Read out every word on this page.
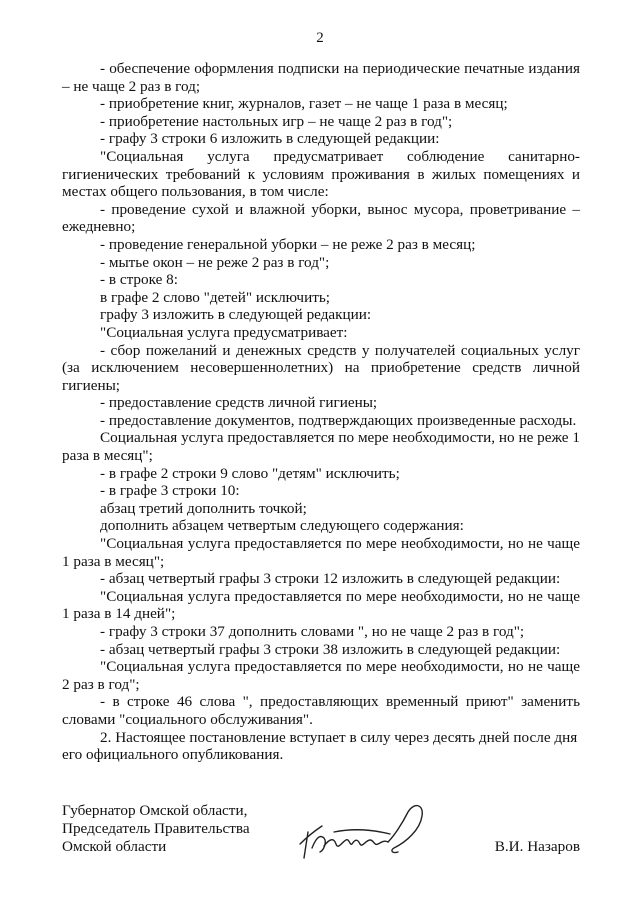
2

- обеспечение оформления подписки на периодические печатные издания – не чаще 2 раз в год;

- приобретение книг, журналов, газет – не чаще 1 раза в месяц;

- приобретение настольных игр – не чаще 2 раз в год";

- графу 3 строки 6 изложить в следующей редакции:

"Социальная услуга предусматривает соблюдение санитарно-гигиенических требований к условиям проживания в жилых помещениях и местах общего пользования, в том числе:

- проведение сухой и влажной уборки, вынос мусора, проветривание – ежедневно;

- проведение генеральной уборки – не реже 2 раз в месяц;

- мытье окон – не реже 2 раз в год";

- в строке 8:

в графе 2 слово "детей" исключить;

графу 3 изложить в следующей редакции:

"Социальная услуга предусматривает:

- сбор пожеланий и денежных средств у получателей социальных услуг (за исключением несовершеннолетних) на приобретение средств личной гигиены;

- предоставление средств личной гигиены;

- предоставление документов, подтверждающих произведенные расходы.

Социальная услуга предоставляется по мере необходимости, но не реже 1 раза в месяц";

- в графе 2 строки 9 слово "детям" исключить;

- в графе 3 строки 10:

абзац третий дополнить точкой;

дополнить абзацем четвертым следующего содержания:

"Социальная услуга предоставляется по мере необходимости, но не чаще 1 раза в месяц";

- абзац четвертый графы 3 строки 12 изложить в следующей редакции:

"Социальная услуга предоставляется по мере необходимости, но не чаще 1 раза в 14 дней";

- графу 3 строки 37 дополнить словами ", но не чаще 2 раз в год";

- абзац четвертый графы 3 строки 38 изложить в следующей редакции:

"Социальная услуга предоставляется по мере необходимости, но не чаще 2 раз в год";

- в строке 46 слова ", предоставляющих временный приют" заменить словами "социального обслуживания".

2. Настоящее постановление вступает в силу через десять дней после дня его официального опубликования.

Губернатор Омской области,
Председатель Правительства
Омской области	В.И. Назаров
